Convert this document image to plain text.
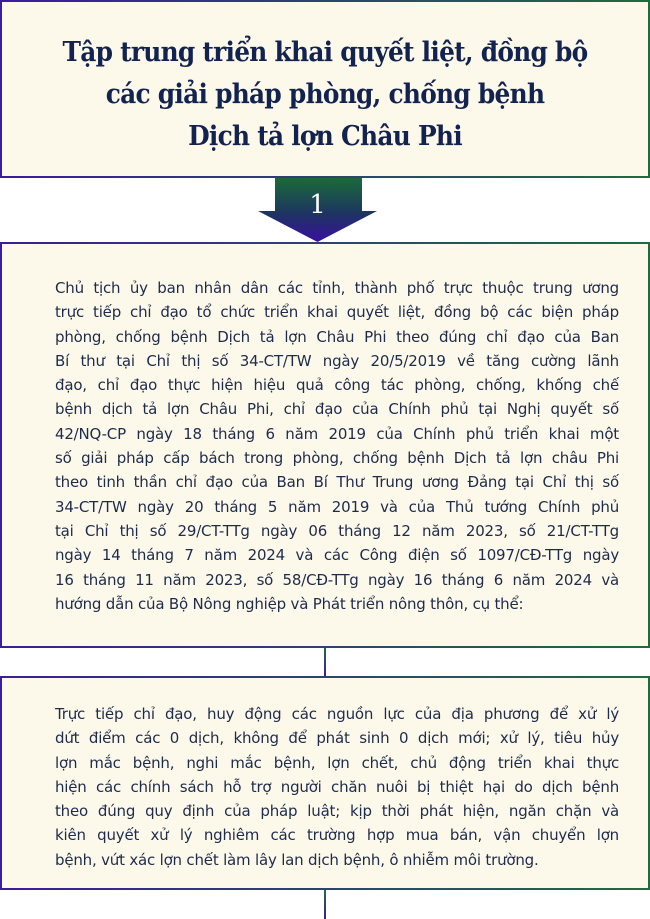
Tập trung triển khai quyết liệt, đồng bộ
các giải pháp phòng, chống bệnh
Dịch tả lợn Châu Phi
1
Chủ tịch ủy ban nhân dân các tỉnh, thành phố trực thuộc trung ương
trực tiếp chỉ đạo tổ chức triển khai quyết liệt, đồng bộ các biện pháp
phòng, chống bệnh Dịch tả lợn Châu Phi theo đúng chỉ đạo của Ban
Bí thư tại Chỉ thị số 34-CT/TW ngày 20/5/2019 về tăng cường lãnh
đạo, chỉ đạo thực hiện hiệu quả công tác phòng, chống, khống chế
bệnh dịch tả lợn Châu Phi, chỉ đạo của Chính phủ tại Nghị quyết số
42/NQ-CP ngày 18 tháng 6 năm 2019 của Chính phủ triển khai một
số giải pháp cấp bách trong phòng, chống bệnh Dịch tả lợn châu Phi
theo tinh thần chỉ đạo của Ban Bí Thư Trung ương Đảng tại Chỉ thị số
34-CT/TW ngày 20 tháng 5 năm 2019 và của Thủ tướng Chính phủ
tại Chỉ thị số 29/CT-TTg ngày 06 tháng 12 năm 2023, số 21/CT-TTg
ngày 14 tháng 7 năm 2024 và các Công điện số 1097/CĐ-TTg ngày
16 tháng 11 năm 2023, số 58/CĐ-TTg ngày 16 tháng 6 năm 2024 và
hướng dẫn của Bộ Nông nghiệp và Phát triển nông thôn, cụ thể:
Trực tiếp chỉ đạo, huy động các nguồn lực của địa phương để xử lý
dứt điểm các 0 dịch, không để phát sinh 0 dịch mới; xử lý, tiêu hủy
lợn mắc bệnh, nghi mắc bệnh, lợn chết, chủ động triển khai thực
hiện các chính sách hỗ trợ người chăn nuôi bị thiệt hại do dịch bệnh
theo đúng quy định của pháp luật; kịp thời phát hiện, ngăn chặn và
kiên quyết xử lý nghiêm các trường hợp mua bán, vận chuyển lợn
bệnh, vứt xác lợn chết làm lây lan dịch bệnh, ô nhiễm môi trường.
